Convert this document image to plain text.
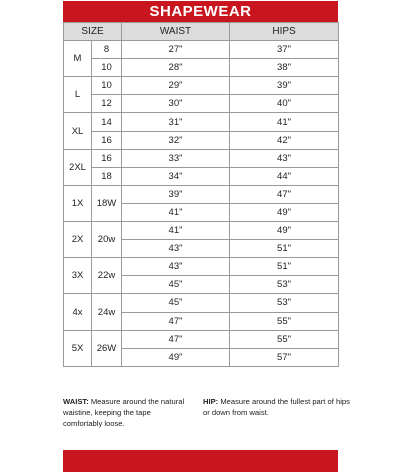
SHAPEWEAR
SIZE		WAIST	HIPS
M	8	27"	37"
	10	28"	38"
L	10	29"	39"
	12	30"	40"
XL	14	31"	41"
	16	32"	42"
2XL	16	33"	43"
	18	34"	44"
1X	18W	39"	47"
		41"	49"
2X	20w	41"	49"
		43"	51"
3X	22w	43"	51"
		45"	53"
4x	24w	45"	53"
		47"	55"
5X	26W	47"	55"
		49"	57"
WAIST: Measure around the natural waistine, keeping the tape comfortably loose.
HIP: Measure around the fullest part of hips or down from waist.
